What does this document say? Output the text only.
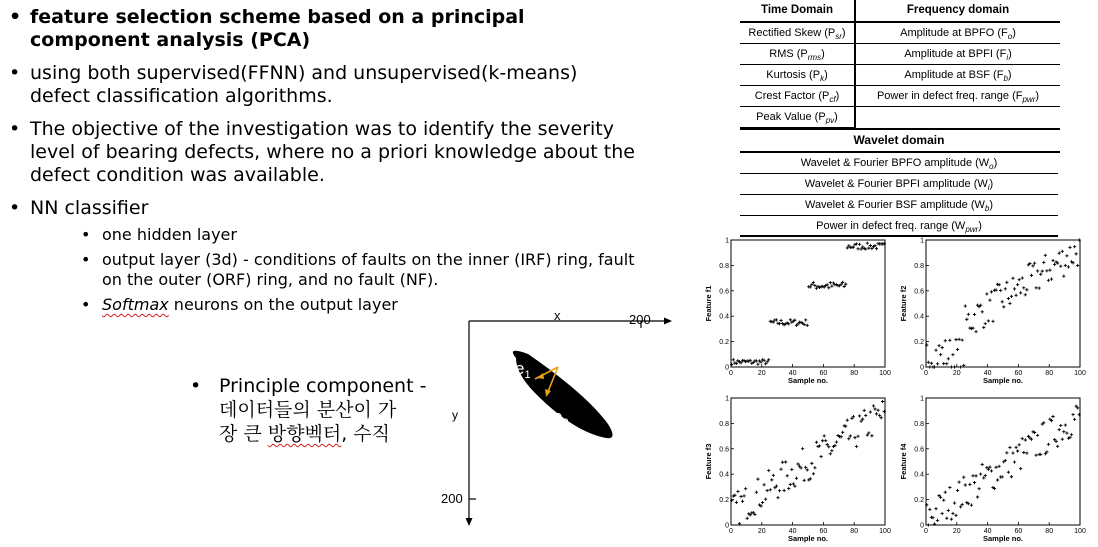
• feature selection scheme based on a principal component analysis (PCA)
• using both supervised(FFNN) and unsupervised(k-means) defect classification algorithms.
• The objective of the investigation was to identify the severity level of bearing defects, where no a priori knowledge about the defect condition was available.
• NN classifier
• one hidden layer
• output layer (3d) - conditions of faults on the inner (IRF) ring, fault on the outer (ORF) ring, and no fault (NF).
• Softmax neurons on the output layer
• Principle component -
데이터들의 분산이 가
장 큰 방향벡터, 수직
x	200
y
200
$e_1$
$e_2$
Time Domain	Frequency domain
Rectified Skew $(P_{sr})$	Amplitude at BPFO $(F_o)$
RMS $(P_{rms})$	Amplitude at BPFI $(F_i)$
Kurtosis $(P_k)$	Amplitude at BSF $(F_b)$
Crest Factor $(P_{cf})$	Power in defect freq. range $(F_{pwr})$
Peak Value $(P_{pv})$
Wavelet domain
Wavelet & Fourier BPFO amplitude $(W_o)$
Wavelet & Fourier BPFI amplitude $(W_i)$
Wavelet & Fourier BSF amplitude $(W_b)$
Power in defect freq. range $(W_{pwr})$
0
0.2
0.4
0.6
0.8
1
0	20	40	60	80	100
Sample no.
Feature f1
0
0.2
0.4
0.6
0.8
1
0	20	40	60	80	100
Sample no.
Feature f2
0
0.2
0.4
0.6
0.8
1
0	20	40	60	80	100
Sample no.
Feature f3
0
0.2
0.4
0.6
0.8
1
0	20	40	60	80	100
Sample no.
Feature f4
